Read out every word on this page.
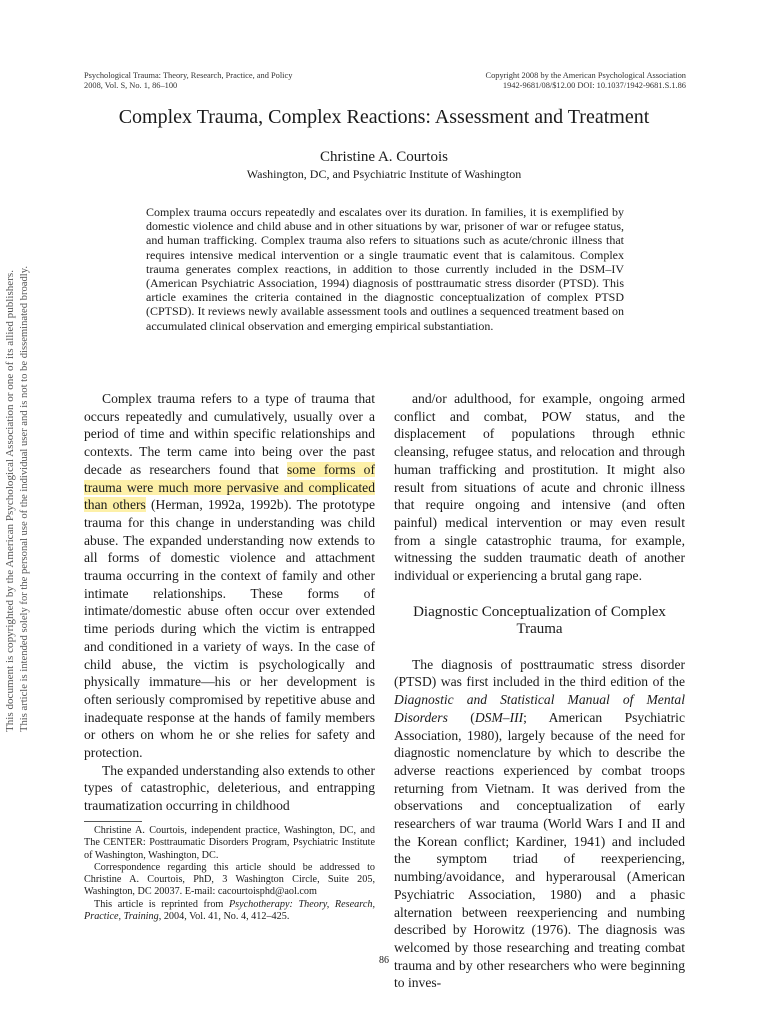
This document is copyrighted by the American Psychological Association or one of its allied publishers. This article is intended solely for the personal use of the individual user and is not to be disseminated broadly.
Psychological Trauma: Theory, Research, Practice, and Policy
2008, Vol. S, No. 1, 86–100
Copyright 2008 by the American Psychological Association
1942-9681/08/$12.00 DOI: 10.1037/1942-9681.S.1.86
Complex Trauma, Complex Reactions: Assessment and Treatment
Christine A. Courtois
Washington, DC, and Psychiatric Institute of Washington
Complex trauma occurs repeatedly and escalates over its duration. In families, it is exemplified by domestic violence and child abuse and in other situations by war, prisoner of war or refugee status, and human trafficking. Complex trauma also refers to situations such as acute/chronic illness that requires intensive medical intervention or a single traumatic event that is calamitous. Complex trauma generates complex reactions, in addition to those currently included in the DSM–IV (American Psychiatric Association, 1994) diagnosis of posttraumatic stress disorder (PTSD). This article examines the criteria contained in the diagnostic conceptualization of complex PTSD (CPTSD). It reviews newly available assessment tools and outlines a sequenced treatment based on accumulated clinical observation and emerging empirical substantiation.

Complex trauma refers to a type of trauma that occurs repeatedly and cumulatively, usually over a period of time and within specific relationships and contexts. The term came into being over the past decade as researchers found that some forms of trauma were much more pervasive and complicated than others (Herman, 1992a, 1992b). The prototype trauma for this change in understanding was child abuse. The expanded understanding now extends to all forms of domestic violence and attachment trauma occurring in the context of family and other intimate relationships. These forms of intimate/domestic abuse often occur over extended time periods during which the victim is entrapped and conditioned in a variety of ways. In the case of child abuse, the victim is psychologically and physically immature—his or her development is often seriously compromised by repetitive abuse and inadequate response at the hands of family members or others on whom he or she relies for safety and protection.

The expanded understanding also extends to other types of catastrophic, deleterious, and entrapping traumatization occurring in childhood

and/or adulthood, for example, ongoing armed conflict and combat, POW status, and the displacement of populations through ethnic cleansing, refugee status, and relocation and through human trafficking and prostitution. It might also result from situations of acute and chronic illness that require ongoing and intensive (and often painful) medical intervention or may even result from a single catastrophic trauma, for example, witnessing the sudden traumatic death of another individual or experiencing a brutal gang rape.

Diagnostic Conceptualization of Complex Trauma

The diagnosis of posttraumatic stress disorder (PTSD) was first included in the third edition of the Diagnostic and Statistical Manual of Mental Disorders (DSM–III; American Psychiatric Association, 1980), largely because of the need for diagnostic nomenclature by which to describe the adverse reactions experienced by combat troops returning from Vietnam. It was derived from the observations and conceptualization of early researchers of war trauma (World Wars I and II and the Korean conflict; Kardiner, 1941) and included the symptom triad of reexperiencing, numbing/avoidance, and hyperarousal (American Psychiatric Association, 1980) and a phasic alternation between reexperiencing and numbing described by Horowitz (1976). The diagnosis was welcomed by those researching and treating combat trauma and by other researchers who were beginning to inves-

Christine A. Courtois, independent practice, Washington, DC, and The CENTER: Posttraumatic Disorders Program, Psychiatric Institute of Washington, Washington, DC.

Correspondence regarding this article should be addressed to Christine A. Courtois, PhD, 3 Washington Circle, Suite 205, Washington, DC 20037. E-mail: cacourtoisphd@aol.com

This article is reprinted from Psychotherapy: Theory, Research, Practice, Training, 2004, Vol. 41, No. 4, 412–425.

86
